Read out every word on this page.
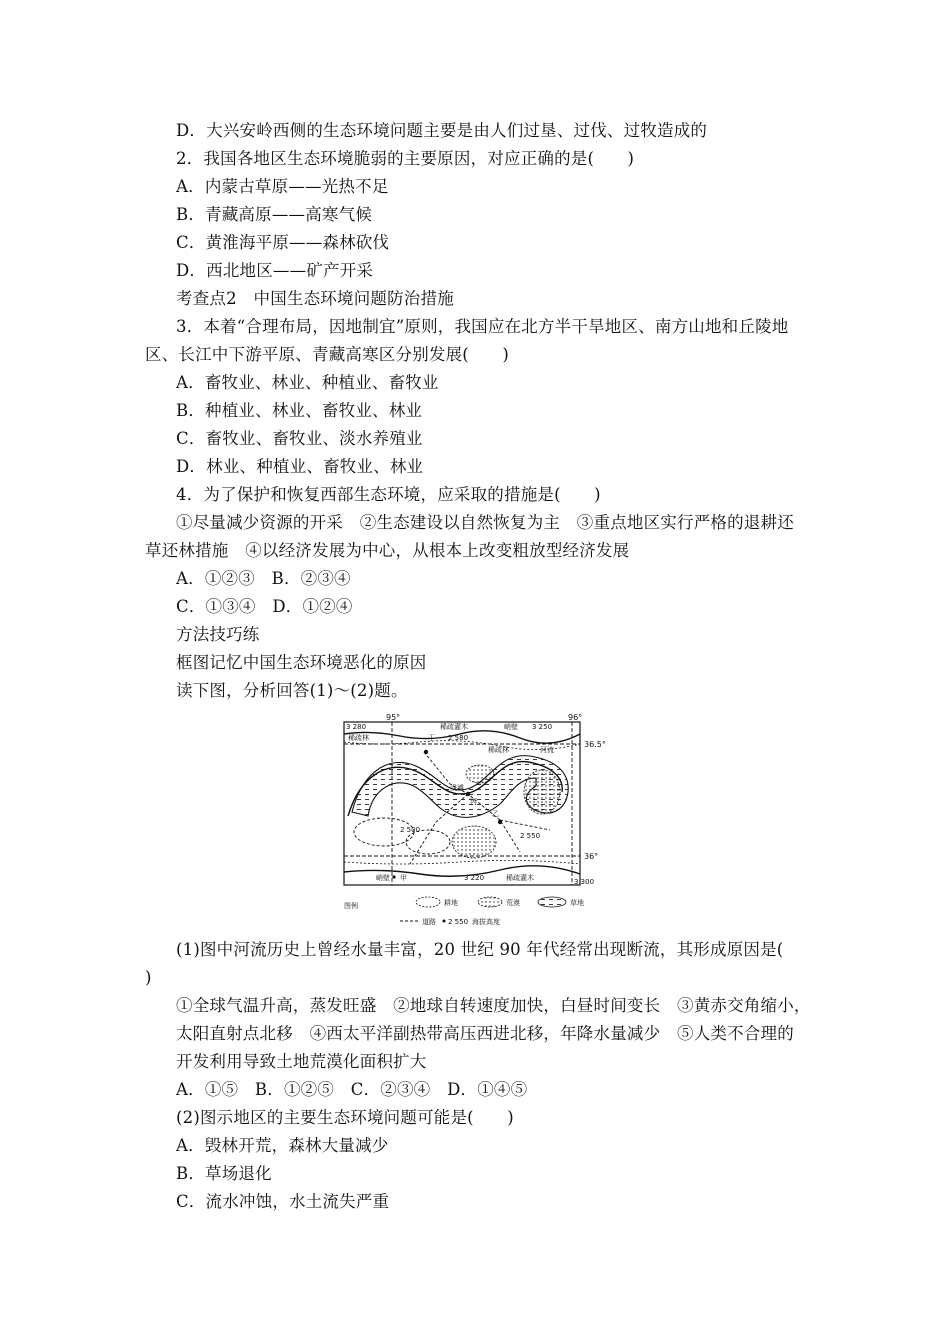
D．大兴安岭西侧的生态环境问题主要是由人们过垦、过伐、过牧造成的
2．我国各地区生态环境脆弱的主要原因，对应正确的是(　　)
A．内蒙古草原——光热不足
B．青藏高原——高寒气候
C．黄淮海平原——森林砍伐
D．西北地区——矿产开采
考查点2　中国生态环境问题防治措施
3．本着“合理布局，因地制宜”原则，我国应在北方半干旱地区、南方山地和丘陵地
区、长江中下游平原、青藏高寒区分别发展(　　)
A．畜牧业、林业、种植业、畜牧业
B．种植业、林业、畜牧业、林业
C．畜牧业、畜牧业、淡水养殖业
D．林业、种植业、畜牧业、林业
4．为了保护和恢复西部生态环境，应采取的措施是(　　)
①尽量减少资源的开采　②生态建设以自然恢复为主　③重点地区实行严格的退耕还
草还林措施　④以经济发展为中心，从根本上改变粗放型经济发展
A．①②③　B．②③④
C．①③④　D．①②④
方法技巧练
框图记忆中国生态环境恶化的原因
读下图，分析回答(1)～(2)题。
95°	96°
36.5°
36°
稀疏灌木	峭壁
3 280	3 250
稀疏林	丁 2 580
稀疏林	河流
浅滩
丙
乙
2 500
2 550
峭壁 甲	3 220	稀疏灌木	3 300
图例	耕地	荒漠	草地
道路 2 550 海拔高度
(1)图中河流历史上曾经水量丰富，20 世纪 90 年代经常出现断流，其形成原因是(
)
①全球气温升高，蒸发旺盛　②地球自转速度加快，白昼时间变长　③黄赤交角缩小，
太阳直射点北移　④西太平洋副热带高压西进北移，年降水量减少　⑤人类不合理的
开发利用导致土地荒漠化面积扩大
A．①⑤　B．①②⑤　C．②③④　D．①④⑤
(2)图示地区的主要生态环境问题可能是(　　)
A．毁林开荒，森林大量减少
B．草场退化
C．流水冲蚀，水土流失严重
